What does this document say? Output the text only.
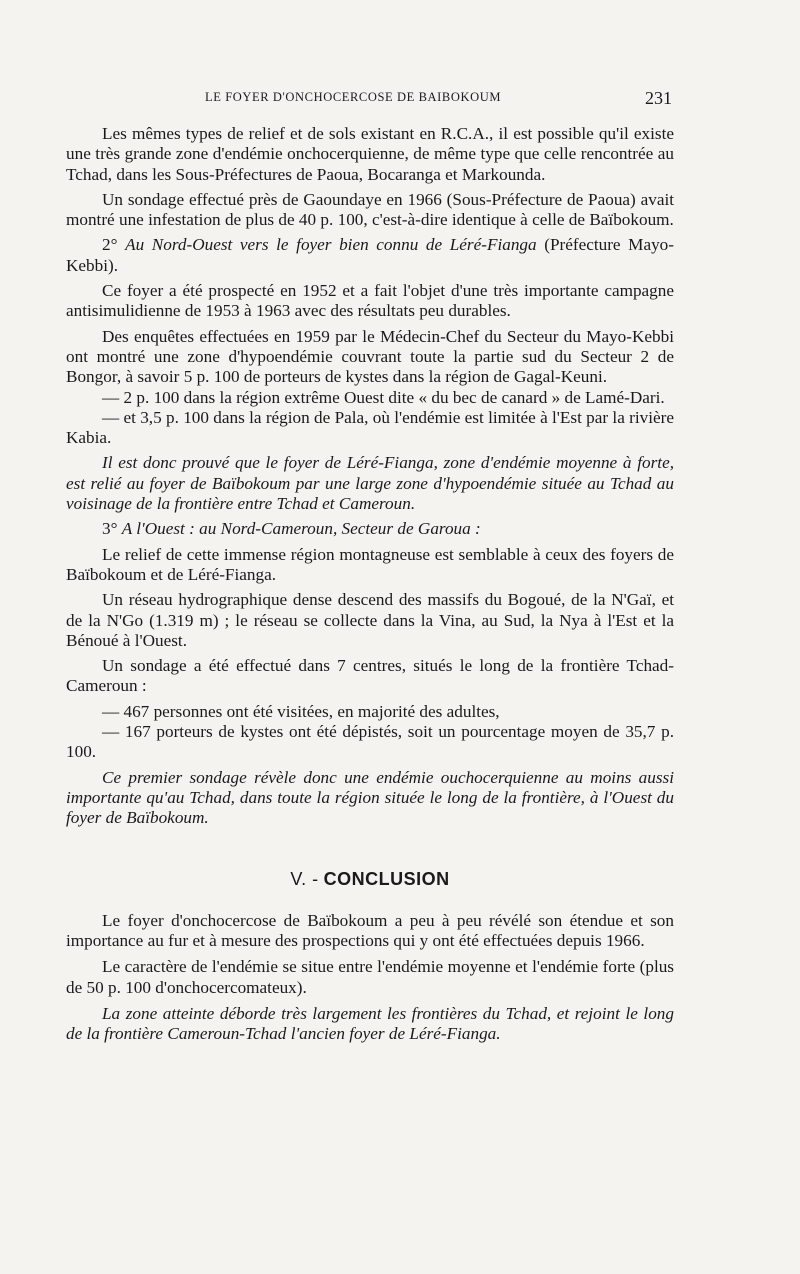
LE FOYER D'ONCHOCERCOSE DE BAIBOKOUM	231

Les mêmes types de relief et de sols existant en R.C.A., il est possible qu'il existe une très grande zone d'endémie onchocerquienne, de même type que celle rencontrée au Tchad, dans les Sous-Préfectures de Paoua, Bocaranga et Markounda.

Un sondage effectué près de Gaoundaye en 1966 (Sous-Préfecture de Paoua) avait montré une infestation de plus de 40 p. 100, c'est-à-dire identique à celle de Baïbokoum.

2° Au Nord-Ouest vers le foyer bien connu de Léré-Fianga (Préfecture Mayo-Kebbi).

Ce foyer a été prospecté en 1952 et a fait l'objet d'une très importante campagne antisimulidienne de 1953 à 1963 avec des résultats peu durables.

Des enquêtes effectuées en 1959 par le Médecin-Chef du Secteur du Mayo-Kebbi ont montré une zone d'hypoendémie couvrant toute la partie sud du Secteur 2 de Bongor, à savoir 5 p. 100 de porteurs de kystes dans la région de Gagal-Keuni.

— 2 p. 100 dans la région extrême Ouest dite « du bec de canard » de Lamé-Dari.

— et 3,5 p. 100 dans la région de Pala, où l'endémie est limitée à l'Est par la rivière Kabia.

Il est donc prouvé que le foyer de Léré-Fianga, zone d'endémie moyenne à forte, est relié au foyer de Baïbokoum par une large zone d'hypoendémie située au Tchad au voisinage de la frontière entre Tchad et Cameroun.

3° A l'Ouest : au Nord-Cameroun, Secteur de Garoua :

Le relief de cette immense région montagneuse est semblable à ceux des foyers de Baïbokoum et de Léré-Fianga.

Un réseau hydrographique dense descend des massifs du Bogoué, de la N'Gaï, et de la N'Go (1.319 m) ; le réseau se collecte dans la Vina, au Sud, la Nya à l'Est et la Bénoué à l'Ouest.

Un sondage a été effectué dans 7 centres, situés le long de la frontière Tchad-Cameroun :

— 467 personnes ont été visitées, en majorité des adultes,

— 167 porteurs de kystes ont été dépistés, soit un pourcentage moyen de 35,7 p. 100.

Ce premier sondage révèle donc une endémie ouchocerquienne au moins aussi importante qu'au Tchad, dans toute la région située le long de la frontière, à l'Ouest du foyer de Baïbokoum.

V. - CONCLUSION

Le foyer d'onchocercose de Baïbokoum a peu à peu révélé son étendue et son importance au fur et à mesure des prospections qui y ont été effectuées depuis 1966.

Le caractère de l'endémie se situe entre l'endémie moyenne et l'endémie forte (plus de 50 p. 100 d'onchocercomateux).

La zone atteinte déborde très largement les frontières du Tchad, et rejoint le long de la frontière Cameroun-Tchad l'ancien foyer de Léré-Fianga.
